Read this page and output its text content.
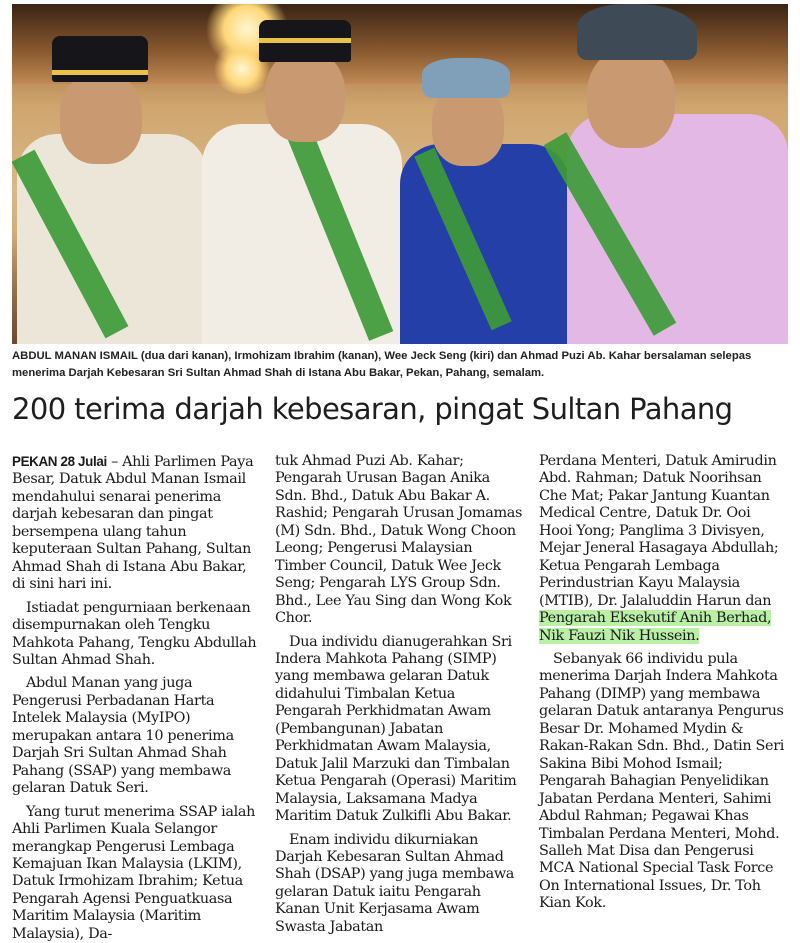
ABDUL MANAN ISMAIL (dua dari kanan), Irmohizam Ibrahim (kanan), Wee Jeck Seng (kiri) dan Ahmad Puzi Ab. Kahar bersalaman selepas menerima Darjah Kebesaran Sri Sultan Ahmad Shah di Istana Abu Bakar, Pekan, Pahang, semalam.
200 terima darjah kebesaran, pingat Sultan Pahang

PEKAN 28 Julai – Ahli Parlimen Paya Besar, Datuk Abdul Manan Ismail mendahului senarai penerima darjah kebesaran dan pingat bersempena ulang tahun keputeraan Sultan Pahang, Sultan Ahmad Shah di Istana Abu Bakar, di sini hari ini.

Istiadat pengurniaan berkenaan disempurnakan oleh Tengku Mahkota Pahang, Tengku Abdullah Sultan Ahmad Shah.

Abdul Manan yang juga Pengerusi Perbadanan Harta Intelek Malaysia (MyIPO) merupakan antara 10 penerima Darjah Sri Sultan Ahmad Shah Pahang (SSAP) yang membawa gelaran Datuk Seri.

Yang turut menerima SSAP ialah Ahli Parlimen Kuala Selangor merangkap Pengerusi Lembaga Kemajuan Ikan Malaysia (LKIM), Datuk Irmohizam Ibrahim; Ketua Pengarah Agensi Penguatkuasa Maritim Malaysia (Maritim Malaysia), Da-

tuk Ahmad Puzi Ab. Kahar; Pengarah Urusan Bagan Anika Sdn. Bhd., Datuk Abu Bakar A. Rashid; Pengarah Urusan Jomamas (M) Sdn. Bhd., Datuk Wong Choon Leong; Pengerusi Malaysian Timber Council, Datuk Wee Jeck Seng; Pengarah LYS Group Sdn. Bhd., Lee Yau Sing dan Wong Kok Chor.

Dua individu dianugerahkan Sri Indera Mahkota Pahang (SIMP) yang membawa gelaran Datuk didahului Timbalan Ketua Pengarah Perkhidmatan Awam (Pembangunan) Jabatan Perkhidmatan Awam Malaysia, Datuk Jalil Marzuki dan Timbalan Ketua Pengarah (Operasi) Maritim Malaysia, Laksamana Madya Maritim Datuk Zulkifli Abu Bakar.

Enam individu dikurniakan Darjah Kebesaran Sultan Ahmad Shah (DSAP) yang juga membawa gelaran Datuk iaitu Pengarah Kanan Unit Kerjasama Awam Swasta Jabatan

Perdana Menteri, Datuk Amirudin Abd. Rahman; Datuk Noorihsan Che Mat; Pakar Jantung Kuantan Medical Centre, Datuk Dr. Ooi Hooi Yong; Panglima 3 Divisyen, Mejar Jeneral Hasagaya Abdullah; Ketua Pengarah Lembaga Perindustrian Kayu Malaysia (MTIB), Dr. Jalaluddin Harun dan Pengarah Eksekutif Anih Berhad, Nik Fauzi Nik Hussein.

Sebanyak 66 individu pula menerima Darjah Indera Mahkota Pahang (DIMP) yang membawa gelaran Datuk antaranya Pengurus Besar Dr. Mohamed Mydin & Rakan-Rakan Sdn. Bhd., Datin Seri Sakina Bibi Mohod Ismail; Pengarah Bahagian Penyelidikan Jabatan Perdana Menteri, Sahimi Abdul Rahman; Pegawai Khas Timbalan Perdana Menteri, Mohd. Salleh Mat Disa dan Pengerusi MCA National Special Task Force On International Issues, Dr. Toh Kian Kok.
